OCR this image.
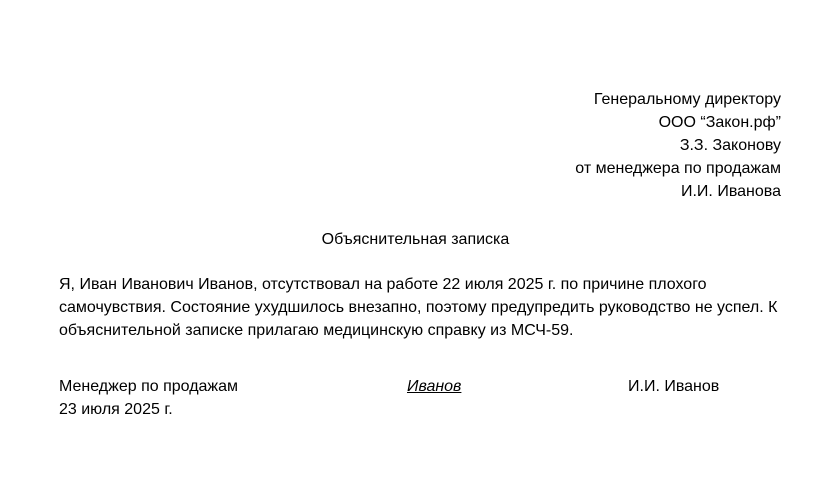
Генеральному директору
ООО “Закон.рф”
З.З. Законову
от менеджера по продажам
И.И. Иванова
Объяснительная записка

Я, Иван Иванович Иванов, отсутствовал на работе 22 июля 2025 г. по причине плохого самочувствия. Состояние ухудшилось внезапно, поэтому предупредить руководство не успел. К объяснительной записке прилагаю медицинскую справку из МСЧ-59.

Менеджер по продажам
23 июля 2025 г.
Иванов	И.И. Иванов
